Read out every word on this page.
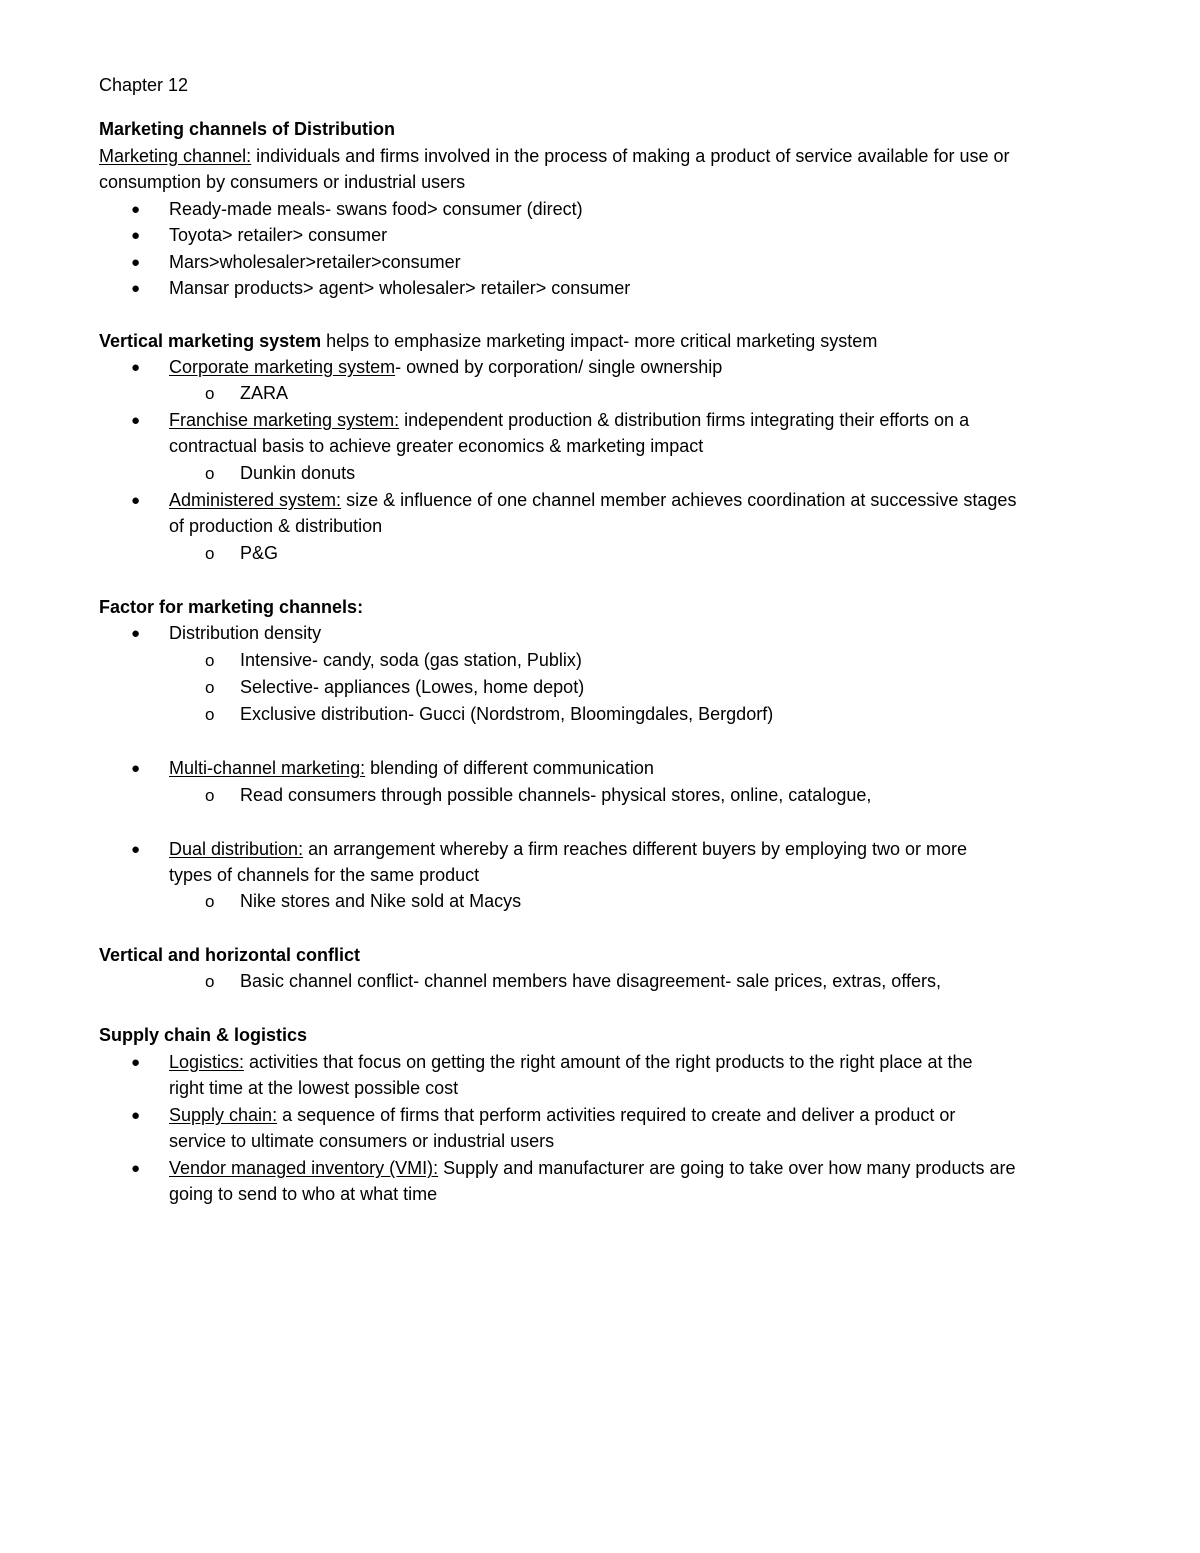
Chapter 12
Marketing channels of Distribution
Marketing channel: individuals and firms involved in the process of making a product of service available for use or
consumption by consumers or industrial users
● Ready-made meals- swans food> consumer (direct)
● Toyota> retailer> consumer
● Mars>wholesaler>retailer>consumer
● Mansar products> agent> wholesaler> retailer> consumer
Vertical marketing system helps to emphasize marketing impact- more critical marketing system
● Corporate marketing system- owned by corporation/ single ownership
o ZARA
● Franchise marketing system: independent production & distribution firms integrating their efforts on a
contractual basis to achieve greater economics & marketing impact
o Dunkin donuts
● Administered system: size & influence of one channel member achieves coordination at successive stages
of production & distribution
o P&G
Factor for marketing channels:
● Distribution density
o Intensive- candy, soda (gas station, Publix)
o Selective- appliances (Lowes, home depot)
o Exclusive distribution- Gucci (Nordstrom, Bloomingdales, Bergdorf)
● Multi-channel marketing: blending of different communication
o Read consumers through possible channels- physical stores, online, catalogue,
● Dual distribution: an arrangement whereby a firm reaches different buyers by employing two or more
types of channels for the same product
o Nike stores and Nike sold at Macys
Vertical and horizontal conflict
o Basic channel conflict- channel members have disagreement- sale prices, extras, offers,
Supply chain & logistics
● Logistics: activities that focus on getting the right amount of the right products to the right place at the
right time at the lowest possible cost
● Supply chain: a sequence of firms that perform activities required to create and deliver a product or
service to ultimate consumers or industrial users
● Vendor managed inventory (VMI): Supply and manufacturer are going to take over how many products are
going to send to who at what time
